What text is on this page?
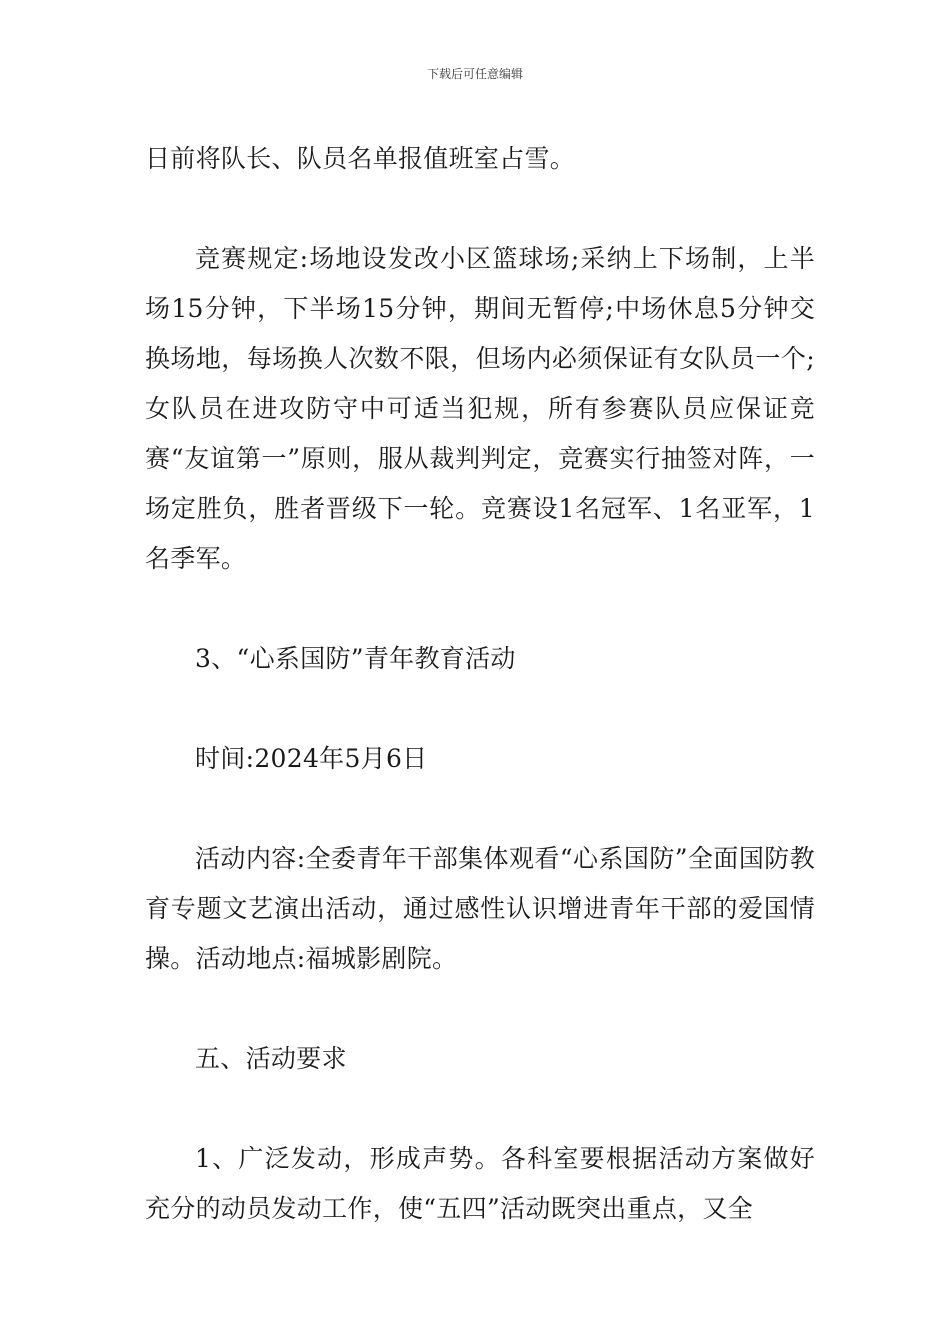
下载后可任意编辑

日前将队长、队员名单报值班室占雪。

竞赛规定:场地设发改小区篮球场;采纳上下场制，上半场15分钟，下半场15分钟，期间无暂停;中场休息5分钟交换场地，每场换人次数不限，但场内必须保证有女队员一个;女队员在进攻防守中可适当犯规，所有参赛队员应保证竞赛“友谊第一”原则，服从裁判判定，竞赛实行抽签对阵，一场定胜负，胜者晋级下一轮。竞赛设1名冠军、1名亚军，1名季军。

3、“心系国防”青年教育活动

时间:2024年5月6日

活动内容:全委青年干部集体观看“心系国防”全面国防教育专题文艺演出活动，通过感性认识增进青年干部的爱国情操。活动地点:福城影剧院。

五、活动要求

1、广泛发动，形成声势。各科室要根据活动方案做好充分的动员发动工作，使“五四”活动既突出重点，又全
